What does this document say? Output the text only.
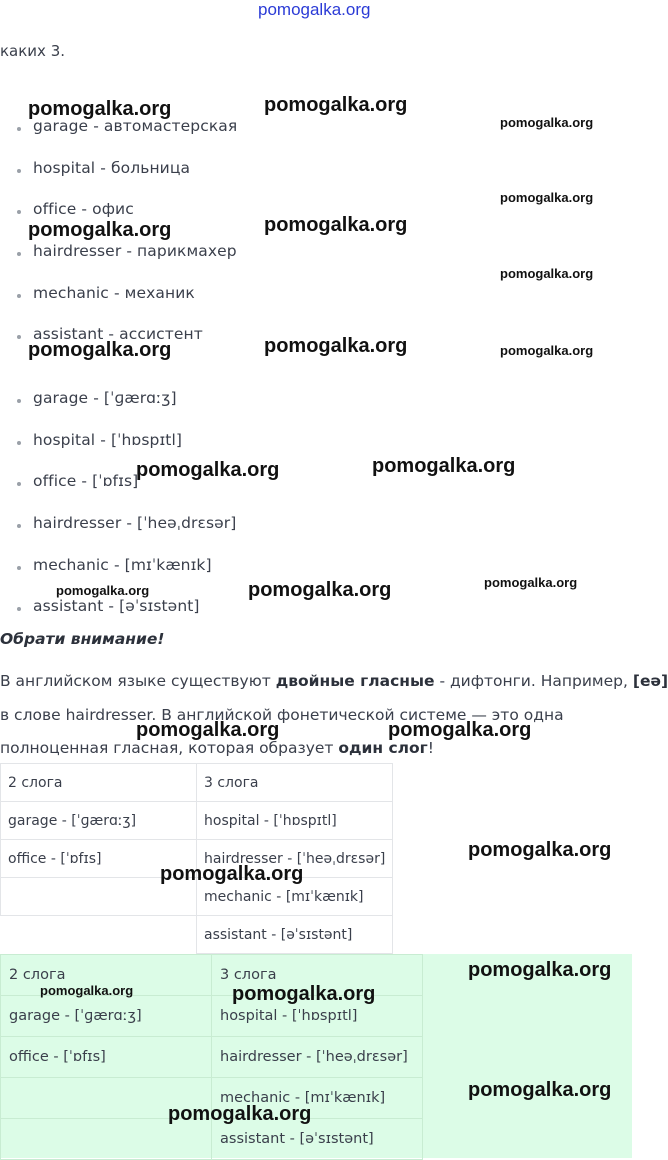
pomogalka.org
каких 3.
garage - автомастерская
hospital - больница
office - офис
hairdresser - парикмахер
mechanic - механик
assistant - ассистент
garage - [ˈɡærɑːʒ]
hospital - [ˈhɒspɪtl]
office - [ˈɒfɪs]
hairdresser - [ˈheəˌdrɛsər]
mechanic - [mɪˈkænɪk]
assistant - [əˈsɪstənt]
Обрати внимание!
В английском языке существуют двойные гласные - дифтонги. Например, [eə]
в слове hairdresser. В английской фонетической системе — это одна
полноценная гласная, которая образует один слог!
2 слога	3 слога
garage - [ˈɡærɑːʒ]	hospital - [ˈhɒspɪtl]
office - [ˈɒfɪs]	hairdresser - [ˈheəˌdrɛsər]
	mechanic - [mɪˈkænɪk]
	assistant - [əˈsɪstənt]
2 слога	3 слога
garage - [ˈɡærɑːʒ]	hospital - [ˈhɒspɪtl]
office - [ˈɒfɪs]	hairdresser - [ˈheəˌdrɛsər]
	mechanic - [mɪˈkænɪk]
	assistant - [əˈsɪstənt]
pomogalka.org	pomogalka.org
pomogalka.org
pomogalka.org
pomogalka.org	pomogalka.org
pomogalka.org
pomogalka.org	pomogalka.org	pomogalka.org
pomogalka.org	pomogalka.org
pomogalka.org	pomogalka.org	pomogalka.org
pomogalka.org	pomogalka.org
pomogalka.org
pomogalka.org
pomogalka.org
pomogalka.org	pomogalka.org
pomogalka.org
pomogalka.org
